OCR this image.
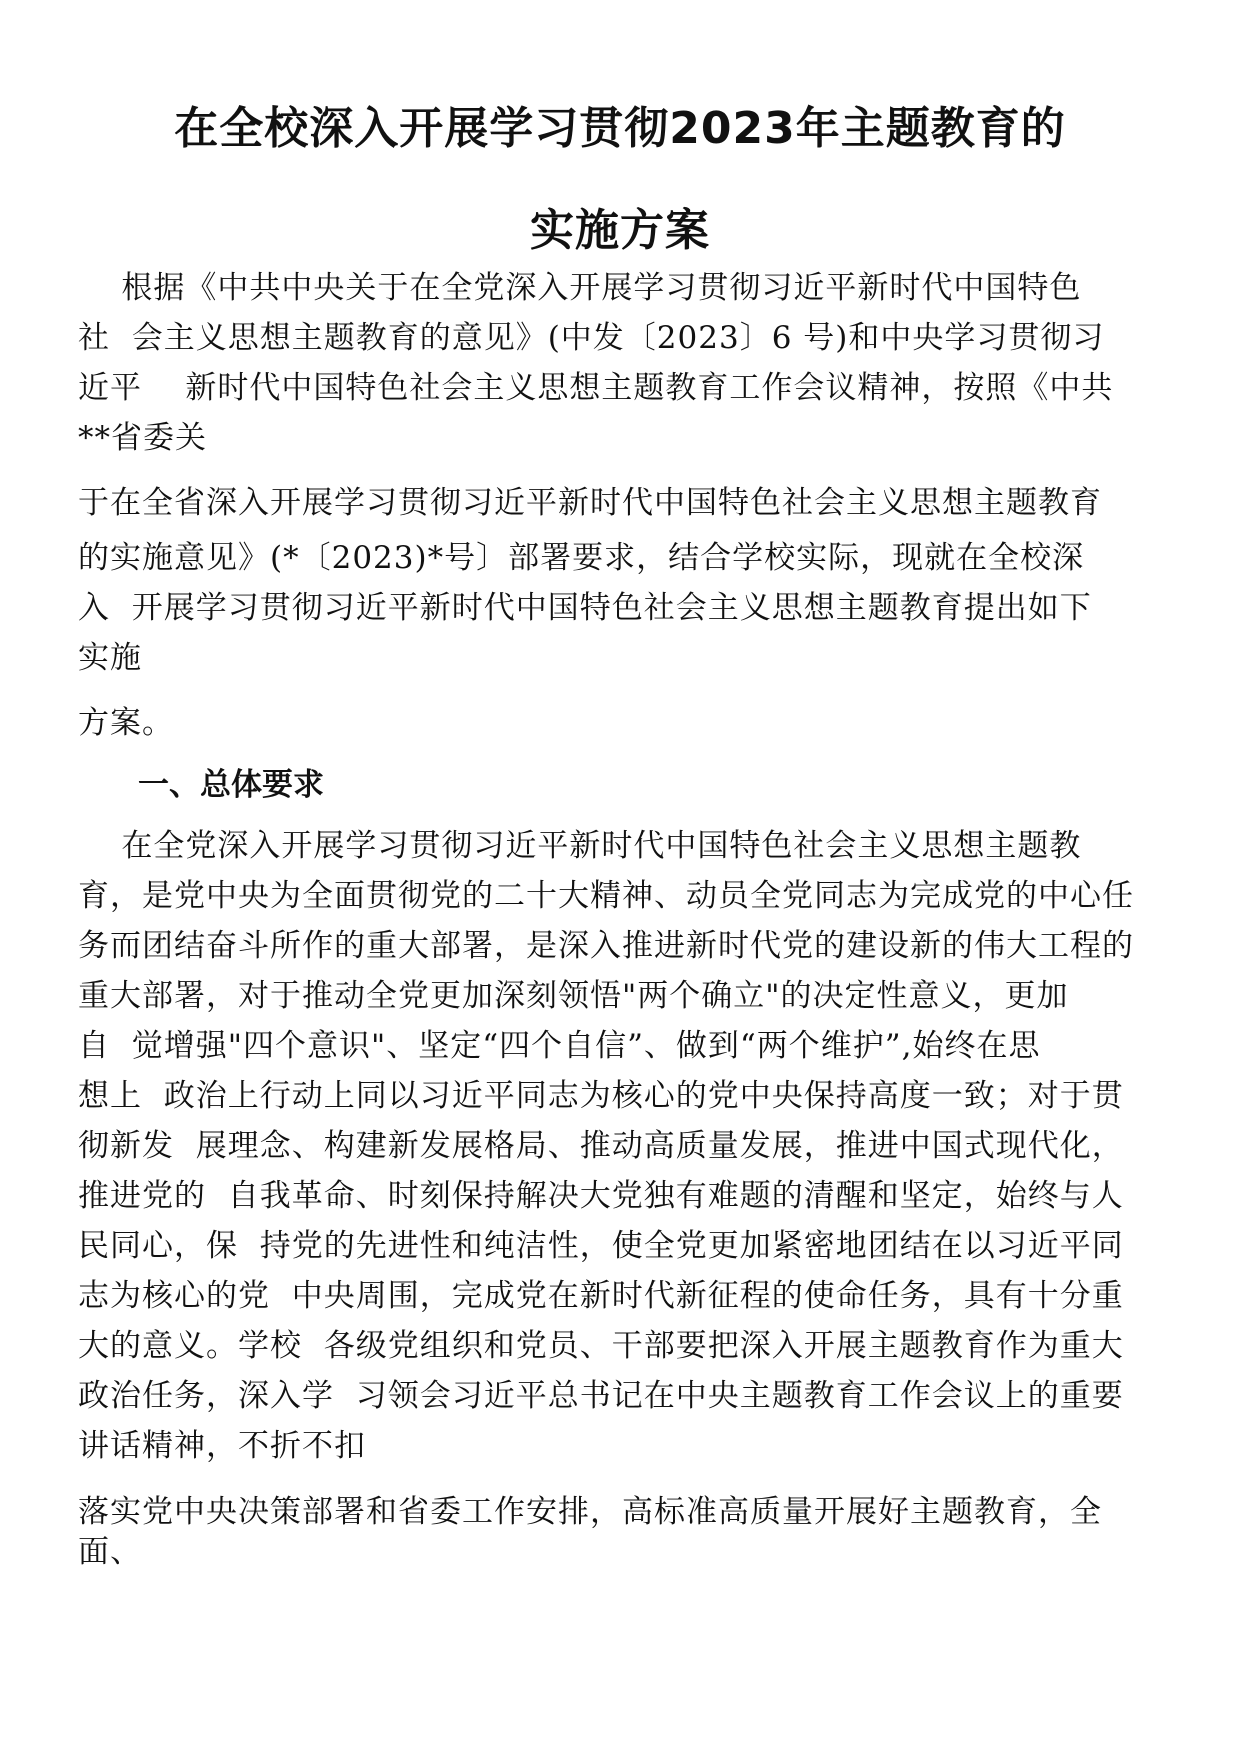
在全校深入开展学习贯彻2023年主题教育的
实施方案

根据《中共中央关于在全党深入开展学习贯彻习近平新时代中国特色

社  会主义思想主题教育的意见》(中发〔2023〕6 号)和中央学习贯彻习

近平    新时代中国特色社会主义思想主题教育工作会议精神，按照《中共

**省委关

于在全省深入开展学习贯彻习近平新时代中国特色社会主义思想主题教育

的实施意见》(*〔2023)*号〕部署要求，结合学校实际，现就在全校深

入  开展学习贯彻习近平新时代中国特色社会主义思想主题教育提出如下

实施

方案。

一、总体要求

在全党深入开展学习贯彻习近平新时代中国特色社会主义思想主题教

育，是党中央为全面贯彻党的二十大精神、动员全党同志为完成党的中心任

务而团结奋斗所作的重大部署，是深入推进新时代党的建设新的伟大工程的

重大部署，对于推动全党更加深刻领悟"两个确立"的决定性意义，更加

自  觉增强"四个意识"、坚定“四个自信”、做到“两个维护”,始终在思

想上  政治上行动上同以习近平同志为核心的党中央保持高度一致；对于贯

彻新发  展理念、构建新发展格局、推动高质量发展，推进中国式现代化，

推进党的  自我革命、时刻保持解决大党独有难题的清醒和坚定，始终与人

民同心，保  持党的先进性和纯洁性，使全党更加紧密地团结在以习近平同

志为核心的党  中央周围，完成党在新时代新征程的使命任务，具有十分重

大的意义。学校  各级党组织和党员、干部要把深入开展主题教育作为重大

政治任务，深入学  习领会习近平总书记在中央主题教育工作会议上的重要

讲话精神，不折不扣

落实党中央决策部署和省委工作安排，高标准高质量开展好主题教育，全

面、
